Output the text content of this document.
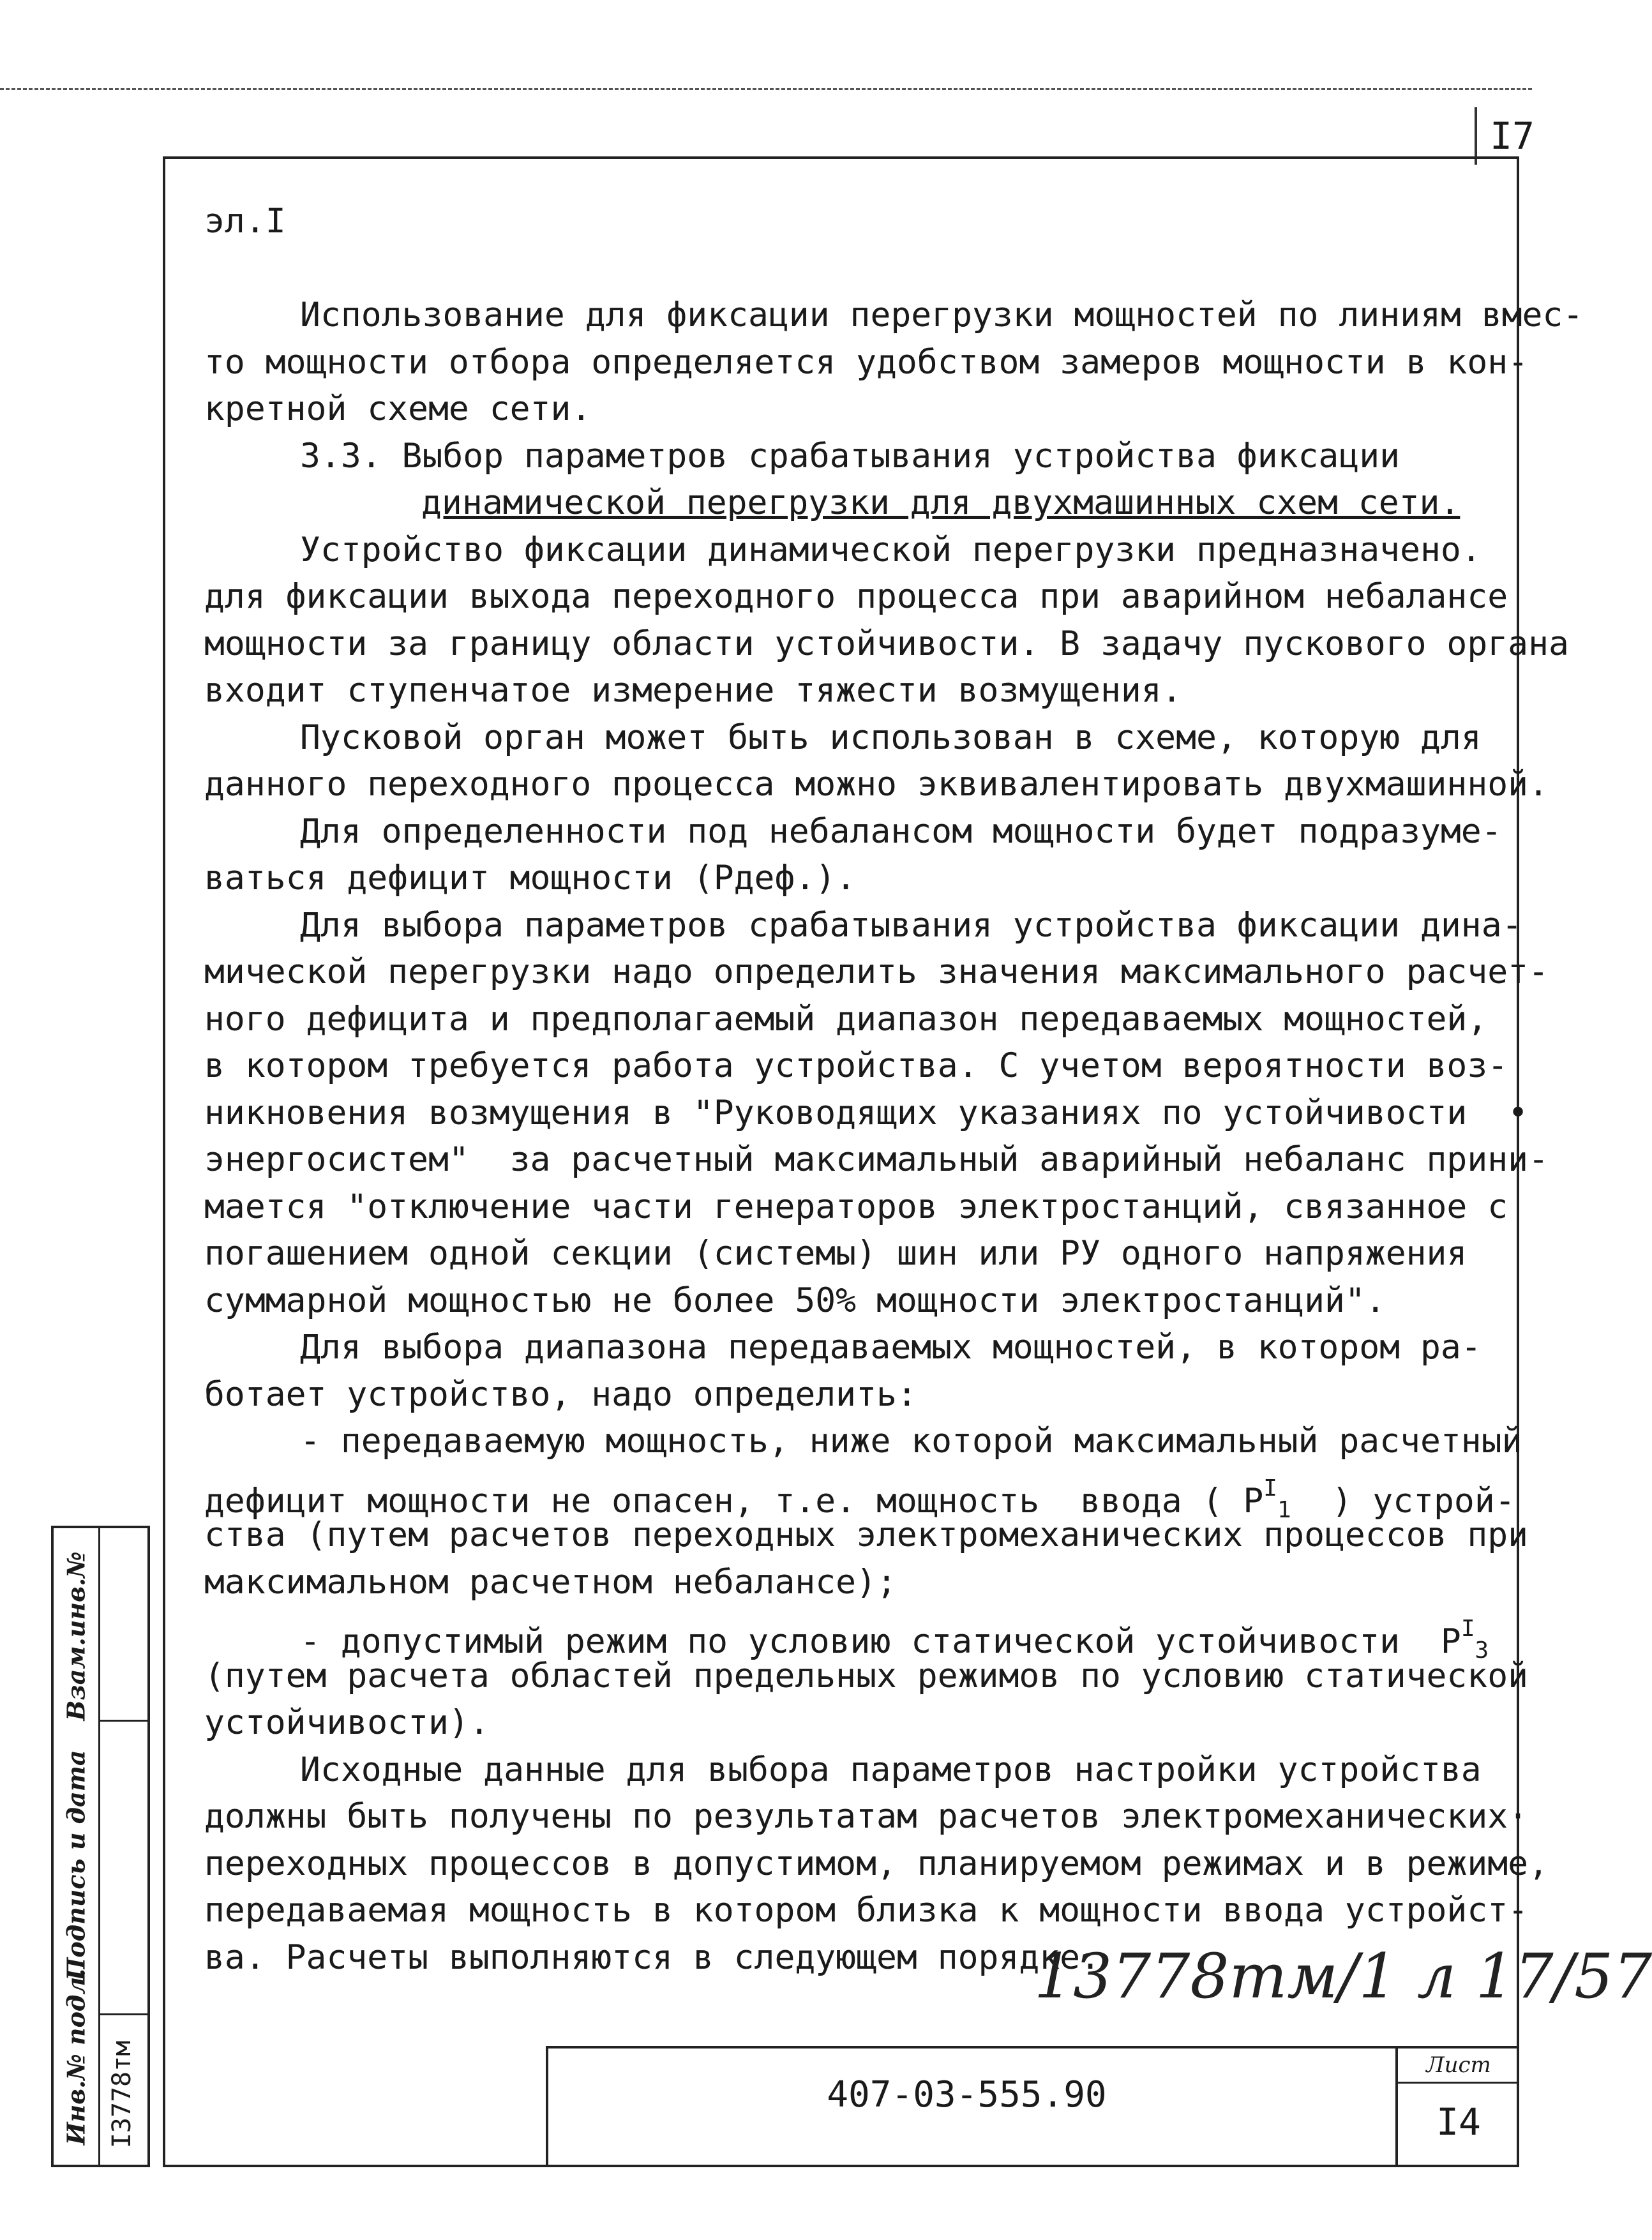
I7
эл.I
Использование для фиксации перегрузки мощностей по линиям вмес-
то мощности отбора определяется удобством замеров мощности в кон-
кретной схеме сети.
3.3. Выбор параметров срабатывания устройства фиксации
динамической перегрузки для двухмашинных схем сети.
Устройство фиксации динамической перегрузки предназначено.
для фиксации выхода переходного процесса при аварийном небалансе
мощности за границу области устойчивости. В задачу пускового органа
входит ступенчатое измерение тяжести возмущения.
Пусковой орган может быть использован в схеме, которую для
данного переходного процесса можно эквивалентировать двухмашинной.
Для определенности под небалансом мощности будет подразуме-
ваться дефицит мощности (Рдеф.).
Для выбора параметров срабатывания устройства фиксации дина-
мической перегрузки надо определить значения максимального расчет-
ного дефицита и предполагаемый диапазон передаваемых мощностей,
в котором требуется работа устройства. С учетом вероятности воз-
никновения возмущения в "Руководящих указаниях по устойчивости  •
энергосистем"  за расчетный максимальный аварийный небаланс прини-
мается "отключение части генераторов электростанций, связанное с
погашением одной секции (системы) шин или РУ одного напряжения
суммарной мощностью не более 50% мощности электростанций".
Для выбора диапазона передаваемых мощностей, в котором ра-
ботает устройство, надо определить:
- передаваемую мощность, ниже которой максимальный расчетный
дефицит мощности не опасен, т.е. мощность  ввода ( $P^I_1$  ) устрой-
ства (путем расчетов переходных электромеханических процессов при
максимальном расчетном небалансе);
- допустимый режим по условию статической устойчивости  $P^I_3$
(путем расчета областей предельных режимов по условию статической
устойчивости).
Исходные данные для выбора параметров настройки устройства
должны быть получены по результатам расчетов электромеханических·
переходных процессов в допустимом, планируемом режимах и в режиме,
передаваемая мощность в котором близка к мощности ввода устройст-
ва. Расчеты выполняются в следующем порядке.
13778тм/1 л 17/57
407-03-555.90
Лист
I4
Инв.№ подл.
Подпись и дата
Взам.инв.№
I3778тм
